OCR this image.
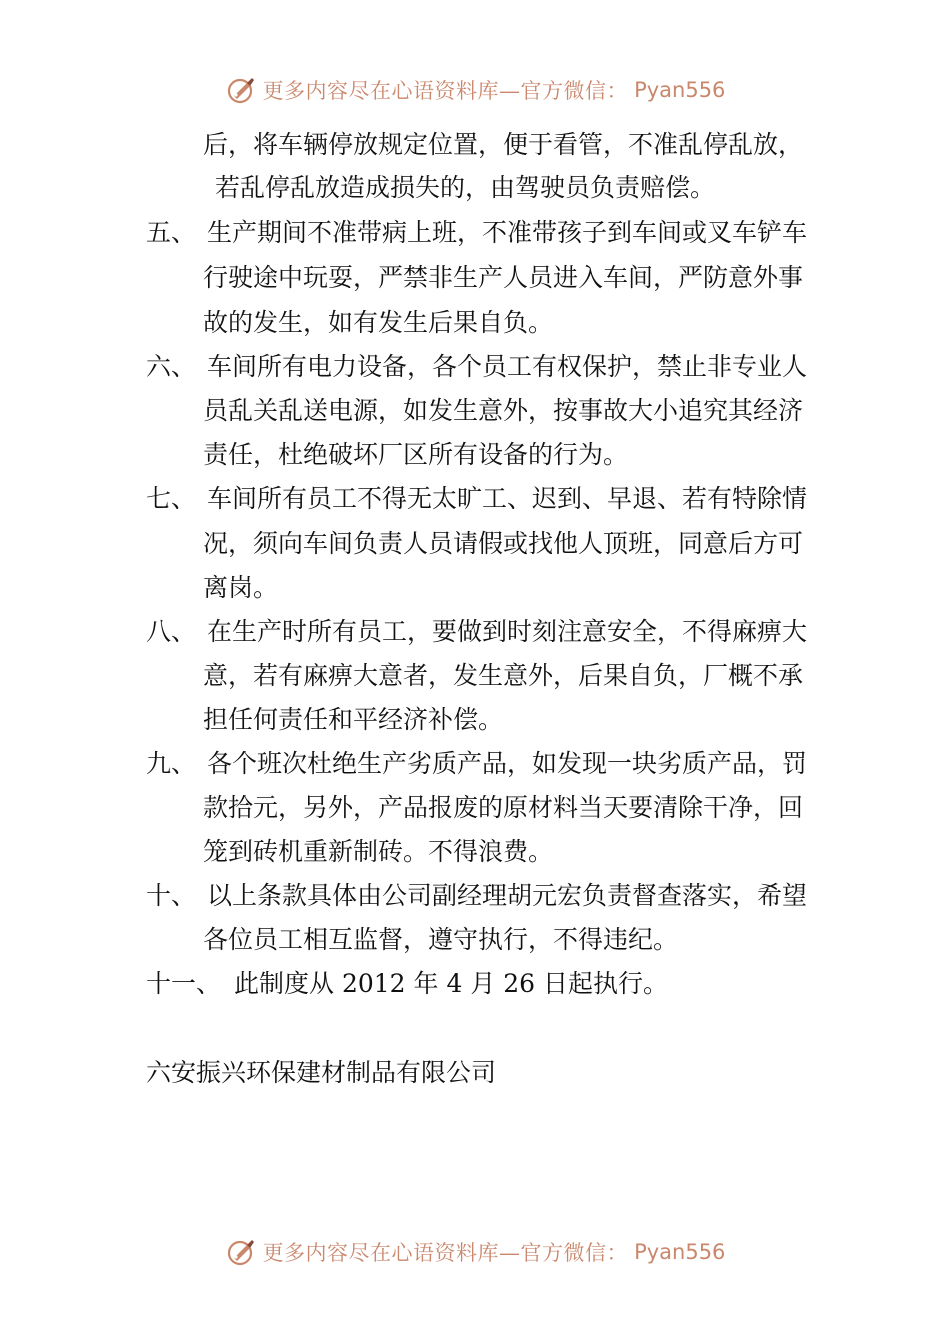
更多内容尽在心语资料库—官方微信： Pyan556
后，将车辆停放规定位置，便于看管，不准乱停乱放，
若乱停乱放造成损失的，由驾驶员负责赔偿。
五、 生产期间不准带病上班，不准带孩子到车间或叉车铲车
行驶途中玩耍，严禁非生产人员进入车间，严防意外事
故的发生，如有发生后果自负。
六、 车间所有电力设备，各个员工有权保护，禁止非专业人
员乱关乱送电源，如发生意外，按事故大小追究其经济
责任，杜绝破坏厂区所有设备的行为。
七、 车间所有员工不得无太旷工、迟到、早退、若有特除情
况，须向车间负责人员请假或找他人顶班，同意后方可
离岗。
八、 在生产时所有员工，要做到时刻注意安全，不得麻痹大
意，若有麻痹大意者，发生意外，后果自负，厂概不承
担任何责任和平经济补偿。
九、 各个班次杜绝生产劣质产品，如发现一块劣质产品，罚
款拾元，另外，产品报废的原材料当天要清除干净，回
笼到砖机重新制砖。不得浪费。
十、 以上条款具体由公司副经理胡元宏负责督查落实，希望
各位员工相互监督，遵守执行，不得违纪。
十一、 此制度从 2012 年 4 月 26 日起执行。
六安振兴环保建材制品有限公司
更多内容尽在心语资料库—官方微信： Pyan556
